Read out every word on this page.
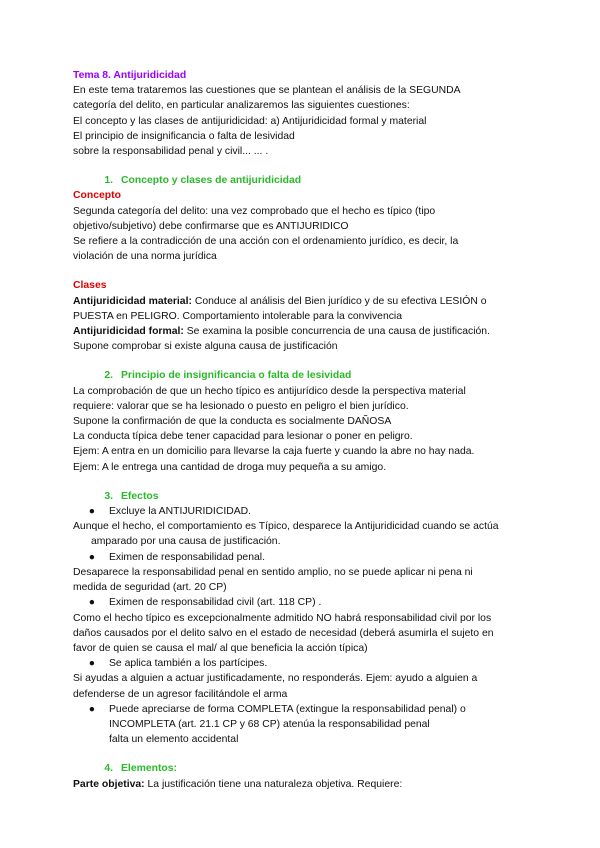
Tema 8. Antijuridicidad
En este tema trataremos las cuestiones que se plantean el análisis de la SEGUNDA
categoría del delito, en particular analizaremos las siguientes cuestiones:
El concepto y las clases de antijuridicidad: a) Antijuridicidad formal y material
El principio de insignificancia o falta de lesividad
sobre la responsabilidad penal y civil... ... .
1. Concepto y clases de antijuridicidad
Concepto
Segunda categoría del delito: una vez comprobado que el hecho es típico (tipo
objetivo/subjetivo) debe confirmarse que es ANTIJURIDICO
Se refiere a la contradicción de una acción con el ordenamiento jurídico, es decir, la
violación de una norma jurídica
Clases
Antijuridicidad material: Conduce al análisis del Bien jurídico y de su efectiva LESIÓN o
PUESTA en PELIGRO. Comportamiento intolerable para la convivencia
Antijuridicidad formal: Se examina la posible concurrencia de una causa de justificación.
Supone comprobar si existe alguna causa de justificación
2. Principio de insignificancia o falta de lesividad
La comprobación de que un hecho típico es antijurídico desde la perspectiva material
requiere: valorar que se ha lesionado o puesto en peligro el bien jurídico.
Supone la confirmación de que la conducta es socialmente DAÑOSA
La conducta típica debe tener capacidad para lesionar o poner en peligro.
Ejem: A entra en un domicilio para llevarse la caja fuerte y cuando la abre no hay nada.
Ejem: A le entrega una cantidad de droga muy pequeña a su amigo.
3. Efectos
●	Excluye la ANTIJURIDICIDAD.
Aunque el hecho, el comportamiento es Típico, desparece la Antijuridicidad cuando se actúa
amparado por una causa de justificación.
●	Eximen de responsabilidad penal.
Desaparece la responsabilidad penal en sentido amplio, no se puede aplicar ni pena ni
medida de seguridad (art. 20 CP)
●	Eximen de responsabilidad civil (art. 118 CP) .
Como el hecho típico es excepcionalmente admitido NO habrá responsabilidad civil por los
daños causados por el delito salvo en el estado de necesidad (deberá asumirla el sujeto en
favor de quien se causa el mal/ al que beneficia la acción típica)
●	Se aplica también a los partícipes.
Si ayudas a alguien a actuar justificadamente, no responderás. Ejem: ayudo a alguien a
defenderse de un agresor facilitándole el arma
●	Puede apreciarse de forma COMPLETA (extingue la responsabilidad penal) o
INCOMPLETA (art. 21.1 CP y 68 CP) atenúa la responsabilidad penal
falta un elemento accidental
4. Elementos:
Parte objetiva: La justificación tiene una naturaleza objetiva. Requiere:
